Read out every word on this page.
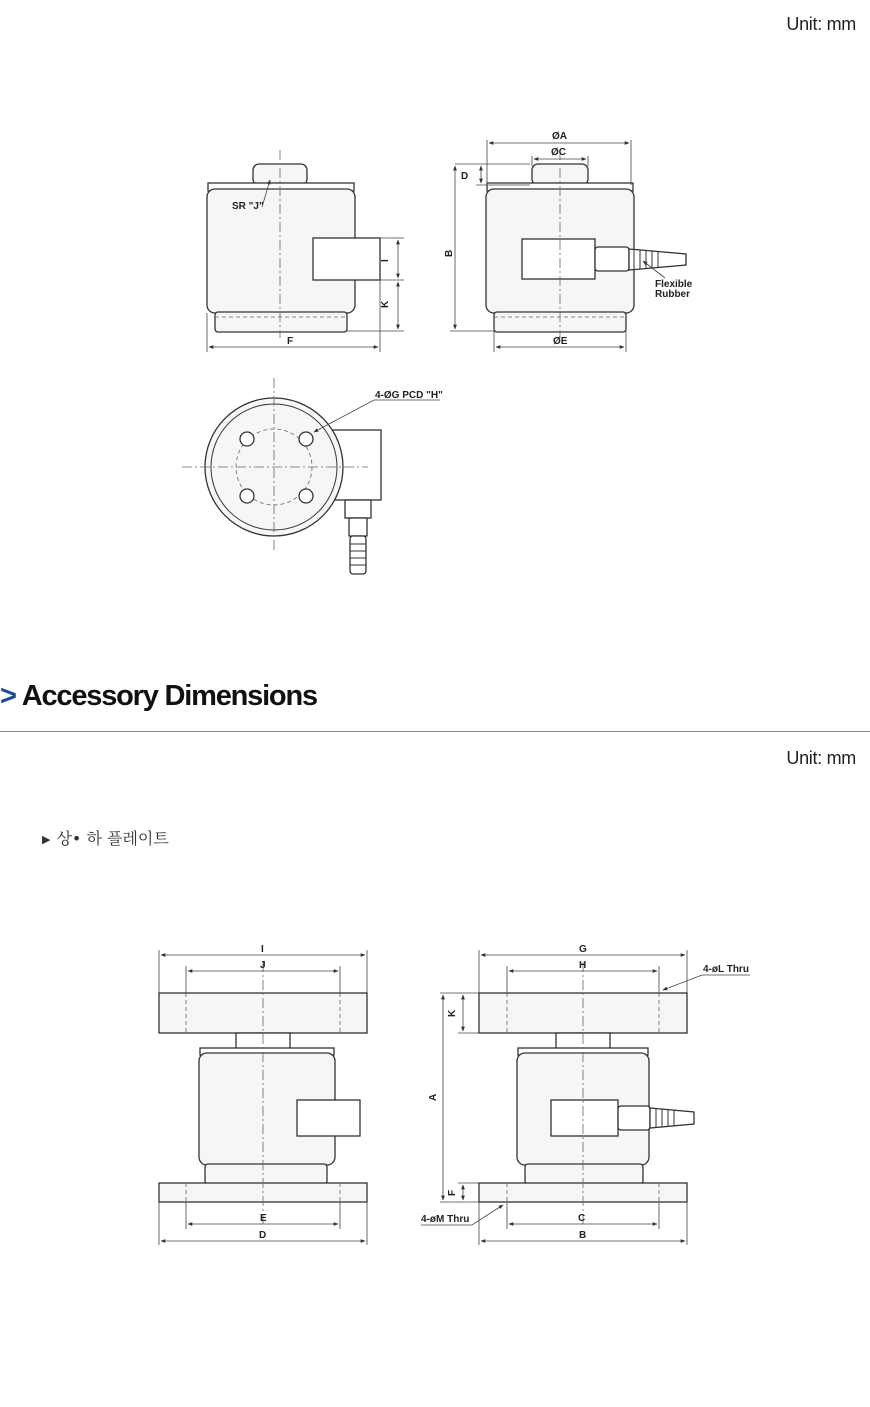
Unit: mm
SR "J"
I
K
F
ØA
ØC
D
B
ØE
Flexible
Rubber
4-ØG PCD "H"
I
J
E
D
G
H	4-øL Thru
K
A
F
4-øM Thru	C
B
> Accessory Dimensions
Unit: mm
▶ 상• 하 플레이트
